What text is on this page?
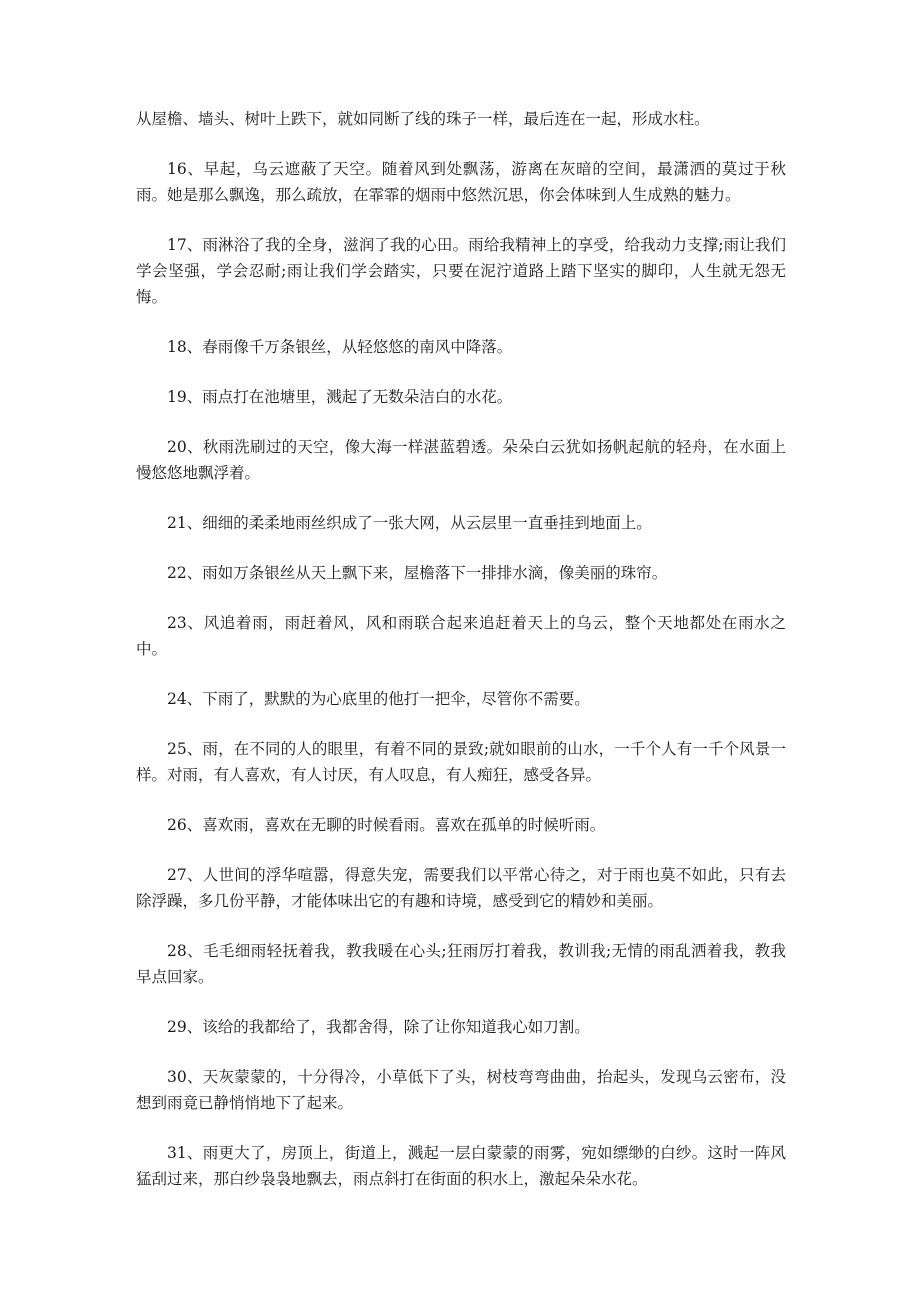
从屋檐、墙头、树叶上跌下，就如同断了线的珠子一样，最后连在一起，形成水柱。

16、早起，乌云遮蔽了天空。随着风到处飘荡，游离在灰暗的空间，最潇洒的莫过于秋雨。她是那么飘逸，那么疏放，在霏霏的烟雨中悠然沉思，你会体味到人生成熟的魅力。

17、雨淋浴了我的全身，滋润了我的心田。雨给我精神上的享受，给我动力支撑;雨让我们学会坚强，学会忍耐;雨让我们学会踏实，只要在泥泞道路上踏下坚实的脚印，人生就无怨无悔。

18、春雨像千万条银丝，从轻悠悠的南风中降落。

19、雨点打在池塘里，溅起了无数朵洁白的水花。

20、秋雨洗刷过的天空，像大海一样湛蓝碧透。朵朵白云犹如扬帆起航的轻舟，在水面上慢悠悠地飘浮着。

21、细细的柔柔地雨丝织成了一张大网，从云层里一直垂挂到地面上。

22、雨如万条银丝从天上飘下来，屋檐落下一排排水滴，像美丽的珠帘。

23、风追着雨，雨赶着风，风和雨联合起来追赶着天上的乌云，整个天地都处在雨水之中。

24、下雨了，默默的为心底里的他打一把伞，尽管你不需要。

25、雨，在不同的人的眼里，有着不同的景致;就如眼前的山水，一千个人有一千个风景一样。对雨，有人喜欢，有人讨厌，有人叹息，有人痴狂，感受各异。

26、喜欢雨，喜欢在无聊的时候看雨。喜欢在孤单的时候听雨。

27、人世间的浮华喧嚣，得意失宠，需要我们以平常心待之，对于雨也莫不如此，只有去除浮躁，多几份平静，才能体味出它的有趣和诗境，感受到它的精妙和美丽。

28、毛毛细雨轻抚着我，教我暖在心头;狂雨厉打着我，教训我;无情的雨乱洒着我，教我早点回家。

29、该给的我都给了，我都舍得，除了让你知道我心如刀割。

30、天灰蒙蒙的，十分得冷，小草低下了头，树枝弯弯曲曲，抬起头，发现乌云密布，没想到雨竟已静悄悄地下了起来。

31、雨更大了，房顶上，街道上，溅起一层白蒙蒙的雨雾，宛如缥缈的白纱。这时一阵风猛刮过来，那白纱袅袅地飘去，雨点斜打在街面的积水上，激起朵朵水花。
